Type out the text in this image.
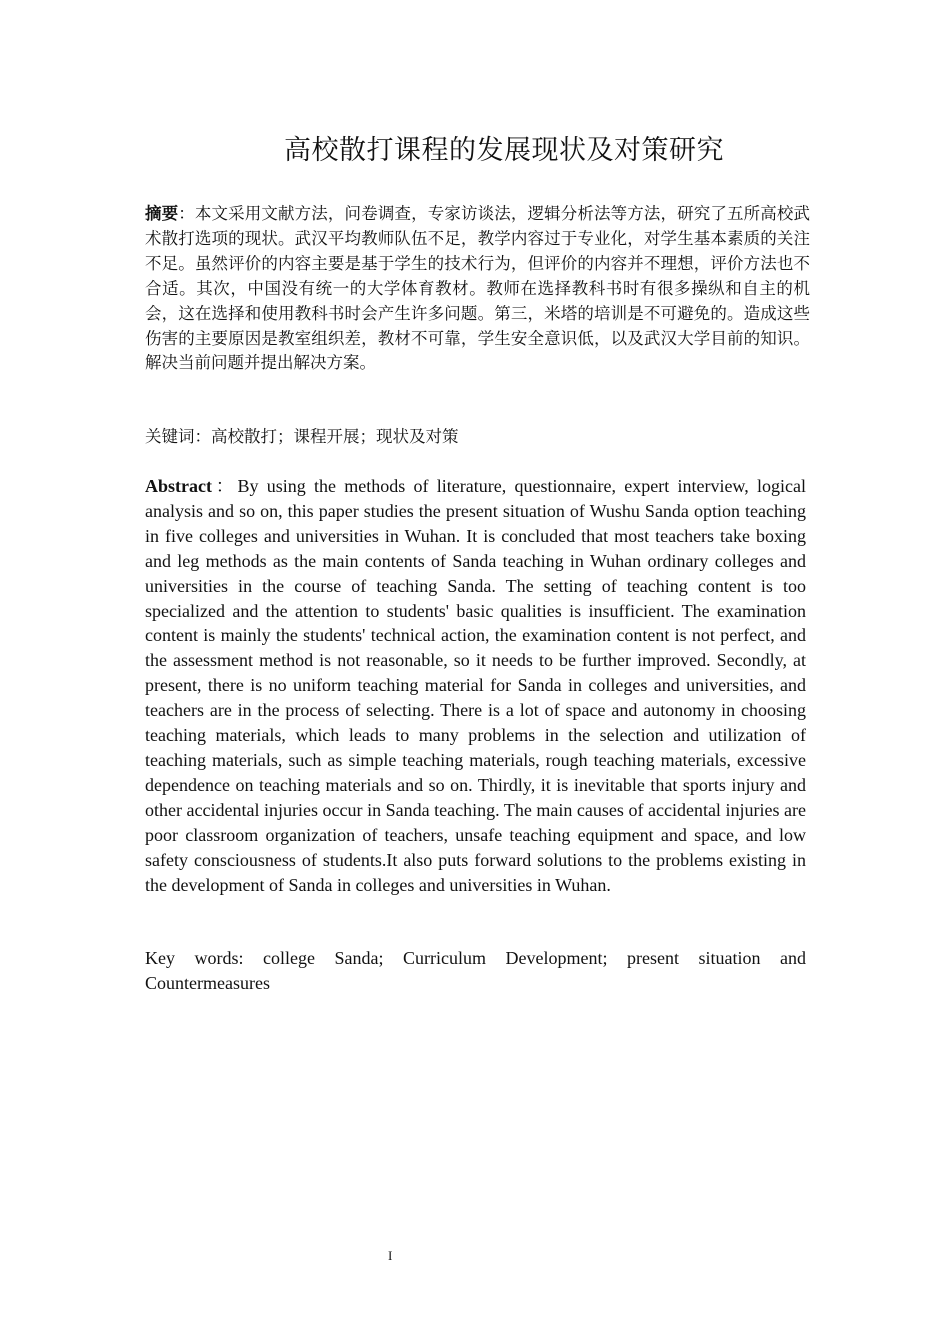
高校散打课程的发展现状及对策研究

摘要：本文采用文献方法，问卷调查，专家访谈法，逻辑分析法等方法，研究了五所高校武术散打选项的现状。武汉平均教师队伍不足，教学内容过于专业化，对学生基本素质的关注不足。虽然评价的内容主要是基于学生的技术行为，但评价的内容并不理想，评价方法也不合适。其次，中国没有统一的大学体育教材。教师在选择教科书时有很多操纵和自主的机会，这在选择和使用教科书时会产生许多问题。第三，米塔的培训是不可避免的。造成这些伤害的主要原因是教室组织差，教材不可靠，学生安全意识低，以及武汉大学目前的知识。解决当前问题并提出解决方案。

关键词：高校散打；课程开展；现状及对策

Abstract：By using the methods of literature, questionnaire, expert interview, logical analysis and so on, this paper studies the present situation of Wushu Sanda option teaching in five colleges and universities in Wuhan. It is concluded that most teachers take boxing and leg methods as the main contents of Sanda teaching in Wuhan ordinary colleges and universities in the course of teaching Sanda. The setting of teaching content is too specialized and the attention to students' basic qualities is insufficient. The examination content is mainly the students' technical action, the examination content is not perfect, and the assessment method is not reasonable, so it needs to be further improved. Secondly, at present, there is no uniform teaching material for Sanda in colleges and universities, and teachers are in the process of selecting. There is a lot of space and autonomy in choosing teaching materials, which leads to many problems in the selection and utilization of teaching materials, such as simple teaching materials, rough teaching materials, excessive dependence on teaching materials and so on. Thirdly, it is inevitable that sports injury and other accidental injuries occur in Sanda teaching. The main causes of accidental injuries are poor classroom organization of teachers, unsafe teaching equipment and space, and low safety consciousness of students.It also puts forward solutions to the problems existing in the development of Sanda in colleges and universities in Wuhan.

Key words: college Sanda; Curriculum Development; present situation and Countermeasures

I
